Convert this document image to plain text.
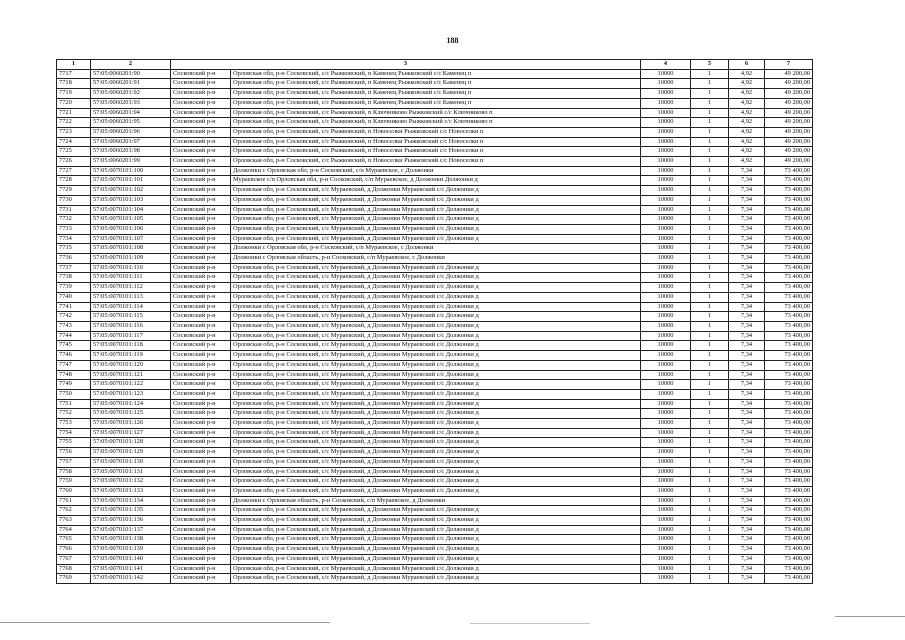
188
1	2	3		4	5	6	7
7717	57:05:0060201:90	Сосковский р-н	Орловская обл, р-н Сосковский, с/с Рыжковский, п Каменец Рыжковский с/с Каменец п	10000	1	4,92	49 200,00
7718	57:05:0060201:91	Сосковский р-н	Орловская обл, р-н Сосковский, с/с Рыжковский, п Каменец Рыжковский с/с Каменец п	10000	1	4,92	49 200,00
7719	57:05:0060201:92	Сосковский р-н	Орловская обл, р-н Сосковский, с/с Рыжковский, п Каменец Рыжковский с/с Каменец п	10000	1	4,92	49 200,00
7720	57:05:0060201:93	Сосковский р-н	Орловская обл, р-н Сосковский, с/с Рыжковский, п Каменец Рыжковский с/с Каменец п	10000	1	4,92	49 200,00
7721	57:05:0060201:94	Сосковский р-н	Орловская обл, р-н Сосковский, с/с Рыжковский, п Ключниково Рыжковский с/с Ключниково п	10000	1	4,92	49 200,00
7722	57:05:0060201:95	Сосковский р-н	Орловская обл, р-н Сосковский, с/с Рыжковский, п Ключниково Рыжковский с/с Ключниково п	10000	1	4,92	49 200,00
7723	57:05:0060201:96	Сосковский р-н	Орловская обл, р-н Сосковский, с/с Рыжковский, п Новоселки Рыжковский с/с Новоселки п	10000	1	4,92	49 200,00
7724	57:05:0060201:97	Сосковский р-н	Орловская обл, р-н Сосковский, с/с Рыжковский, п Новоселки Рыжковский с/с Новоселки п	10000	1	4,92	49 200,00
7725	57:05:0060201:98	Сосковский р-н	Орловская обл, р-н Сосковский, с/с Рыжковский, п Новоселки Рыжковский с/с Новоселки п	10000	1	4,92	49 200,00
7726	57:05:0060201:99	Сосковский р-н	Орловская обл, р-н Сосковский, с/с Рыжковский, п Новоселки Рыжковский с/с Новоселки п	10000	1	4,92	49 200,00
7727	57:05:0070101:100	Сосковский р-н	Должонки с Орловская обл, р-н Сосковский, с/п Мураевское, с Должонки	10000	1	7,34	73 400,00
7728	57:05:0070101:101	Сосковский р-н	Мураевское с/п Орловская обл, р-н Сосковский, с/п Мураевское, д Должонки Должонки д	10000	1	7,34	73 400,00
7729	57:05:0070101:102	Сосковский р-н	Орловская обл, р-н Сосковский, с/с Мураевский, д Должонки Мураевский с/с Должонки д	10000	1	7,34	73 400,00
7730	57:05:0070101:103	Сосковский р-н	Орловская обл, р-н Сосковский, с/с Мураевский, д Должонки Мураевский с/с Должонки д	10000	1	7,34	73 400,00
7731	57:05:0070101:104	Сосковский р-н	Орловская обл, р-н Сосковский, с/с Мураевский, д Должонки Мураевский с/с Должонки д	10000	1	7,34	73 400,00
7732	57:05:0070101:105	Сосковский р-н	Орловская обл, р-н Сосковский, с/с Мураевский, д Должонки Мураевский с/с Должонки д	10000	1	7,34	73 400,00
7733	57:05:0070101:106	Сосковский р-н	Орловская обл, р-н Сосковский, с/с Мураевский, д Должонки Мураевский с/с Должонки д	10000	1	7,34	73 400,00
7734	57:05:0070101:107	Сосковский р-н	Орловская обл, р-н Сосковский, с/с Мураевский, д Должонки Мураевский с/с Должонки д	10000	1	7,34	73 400,00
7735	57:05:0070101:108	Сосковский р-н	Должонки с Орловская обл, р-н Сосковский, с/п Мураевское, с Должонки	10000	1	7,34	73 400,00
7736	57:05:0070101:109	Сосковский р-н	Должонки с Орловская область, р-н Сосковский, с/п Мураевское, с Должонки	10000	1	7,34	73 400,00
7737	57:05:0070101:110	Сосковский р-н	Орловская обл, р-н Сосковский, с/с Мураевский, д Должонки Мураевский с/с Должонки д	10000	1	7,34	73 400,00
7738	57:05:0070101:111	Сосковский р-н	Орловская обл, р-н Сосковский, с/с Мураевский, д Должонки Мураевский с/с Должонки д	10000	1	7,34	73 400,00
7739	57:05:0070101:112	Сосковский р-н	Орловская обл, р-н Сосковский, с/с Мураевский, д Должонки Мураевский с/с Должонки д	10000	1	7,34	73 400,00
7740	57:05:0070101:113	Сосковский р-н	Орловская обл, р-н Сосковский, с/с Мураевский, д Должонки Мураевский с/с Должонки д	10000	1	7,34	73 400,00
7741	57:05:0070101:114	Сосковский р-н	Орловская обл, р-н Сосковский, с/с Мураевский, д Должонки Мураевский с/с Должонки д	10000	1	7,34	73 400,00
7742	57:05:0070101:115	Сосковский р-н	Орловская обл, р-н Сосковский, с/с Мураевский, д Должонки Мураевский с/с Должонки д	10000	1	7,34	73 400,00
7743	57:05:0070101:116	Сосковский р-н	Орловская обл, р-н Сосковский, с/с Мураевский, д Должонки Мураевский с/с Должонки д	10000	1	7,34	73 400,00
7744	57:05:0070101:117	Сосковский р-н	Орловская обл, р-н Сосковский, с/с Мураевский, д Должонки Мураевский с/с Должонки д	10000	1	7,34	73 400,00
7745	57:05:0070101:118	Сосковский р-н	Орловская обл, р-н Сосковский, с/с Мураевский, д Должонки Мураевский с/с Должонки д	10000	1	7,34	73 400,00
7746	57:05:0070101:119	Сосковский р-н	Орловская обл, р-н Сосковский, с/с Мураевский, д Должонки Мураевский с/с Должонки д	10000	1	7,34	73 400,00
7747	57:05:0070101:120	Сосковский р-н	Орловская обл, р-н Сосковский, с/с Мураевский, д Должонки Мураевский с/с Должонки д	10000	1	7,34	73 400,00
7748	57:05:0070101:121	Сосковский р-н	Орловская обл, р-н Сосковский, с/с Мураевский, д Должонки Мураевский с/с Должонки д	10000	1	7,34	73 400,00
7749	57:05:0070101:122	Сосковский р-н	Орловская обл, р-н Сосковский, с/с Мураевский, д Должонки Мураевский с/с Должонки д	10000	1	7,34	73 400,00
7750	57:05:0070101:123	Сосковский р-н	Орловская обл, р-н Сосковский, с/с Мураевский, д Должонки Мураевский с/с Должонки д	10000	1	7,34	73 400,00
7751	57:05:0070101:124	Сосковский р-н	Орловская обл, р-н Сосковский, с/с Мураевский, д Должонки Мураевский с/с Должонки д	10000	1	7,34	73 400,00
7752	57:05:0070101:125	Сосковский р-н	Орловская обл, р-н Сосковский, с/с Мураевский, д Должонки Мураевский с/с Должонки д	10000	1	7,34	73 400,00
7753	57:05:0070101:126	Сосковский р-н	Орловская обл, р-н Сосковский, с/с Мураевский, д Должонки Мураевский с/с Должонки д	10000	1	7,34	73 400,00
7754	57:05:0070101:127	Сосковский р-н	Орловская обл, р-н Сосковский, с/с Мураевский, д Должонки Мураевский с/с Должонки д	10000	1	7,34	73 400,00
7755	57:05:0070101:128	Сосковский р-н	Орловская обл, р-н Сосковский, с/с Мураевский, д Должонки Мураевский с/с Должонки д	10000	1	7,34	73 400,00
7756	57:05:0070101:129	Сосковский р-н	Орловская обл, р-н Сосковский, с/с Мураевский, д Должонки Мураевский с/с Должонки д	10000	1	7,34	73 400,00
7757	57:05:0070101:130	Сосковский р-н	Орловская обл, р-н Сосковский, с/с Мураевский, д Должонки Мураевский с/с Должонки д	10000	1	7,34	73 400,00
7758	57:05:0070101:131	Сосковский р-н	Орловская обл, р-н Сосковский, с/с Мураевский, д Должонки Мураевский с/с Должонки д	10000	1	7,34	73 400,00
7759	57:05:0070101:132	Сосковский р-н	Орловская обл, р-н Сосковский, с/с Мураевский, д Должонки Мураевский с/с Должонки д	10000	1	7,34	73 400,00
7760	57:05:0070101:133	Сосковский р-н	Орловская обл, р-н Сосковский, с/с Мураевский, д Должонки Мураевский с/с Должонки д	10000	1	7,34	73 400,00
7761	57:05:0070101:134	Сосковский р-н	Должонки с Орловская область, р-н Сосковский, с/п Мураевское, д Должонки	10000	1	7,34	73 400,00
7762	57:05:0070101:135	Сосковский р-н	Орловская обл, р-н Сосковский, с/с Мураевский, д Должонки Мураевский с/с Должонки д	10000	1	7,34	73 400,00
7763	57:05:0070101:136	Сосковский р-н	Орловская обл, р-н Сосковский, с/с Мураевский, д Должонки Мураевский с/с Должонки д	10000	1	7,34	73 400,00
7764	57:05:0070101:137	Сосковский р-н	Орловская обл, р-н Сосковский, с/с Мураевский, д Должонки Мураевский с/с Должонки д	10000	1	7,34	73 400,00
7765	57:05:0070101:138	Сосковский р-н	Орловская обл, р-н Сосковский, с/с Мураевский, д Должонки Мураевский с/с Должонки д	10000	1	7,34	73 400,00
7766	57:05:0070101:139	Сосковский р-н	Орловская обл, р-н Сосковский, с/с Мураевский, д Должонки Мураевский с/с Должонки д	10000	1	7,34	73 400,00
7767	57:05:0070101:140	Сосковский р-н	Орловская обл, р-н Сосковский, с/с Мураевский, д Должонки Мураевский с/с Должонки д	10000	1	7,34	73 400,00
7768	57:05:0070101:141	Сосковский р-н	Орловская обл, р-н Сосковский, с/с Мураевский, д Должонки Мураевский с/с Должонки д	10000	1	7,34	73 400,00
7769	57:05:0070101:142	Сосковский р-н	Орловская обл, р-н Сосковский, с/с Мураевский, д Должонки Мураевский с/с Должонки д	10000	1	7,34	73 400,00
